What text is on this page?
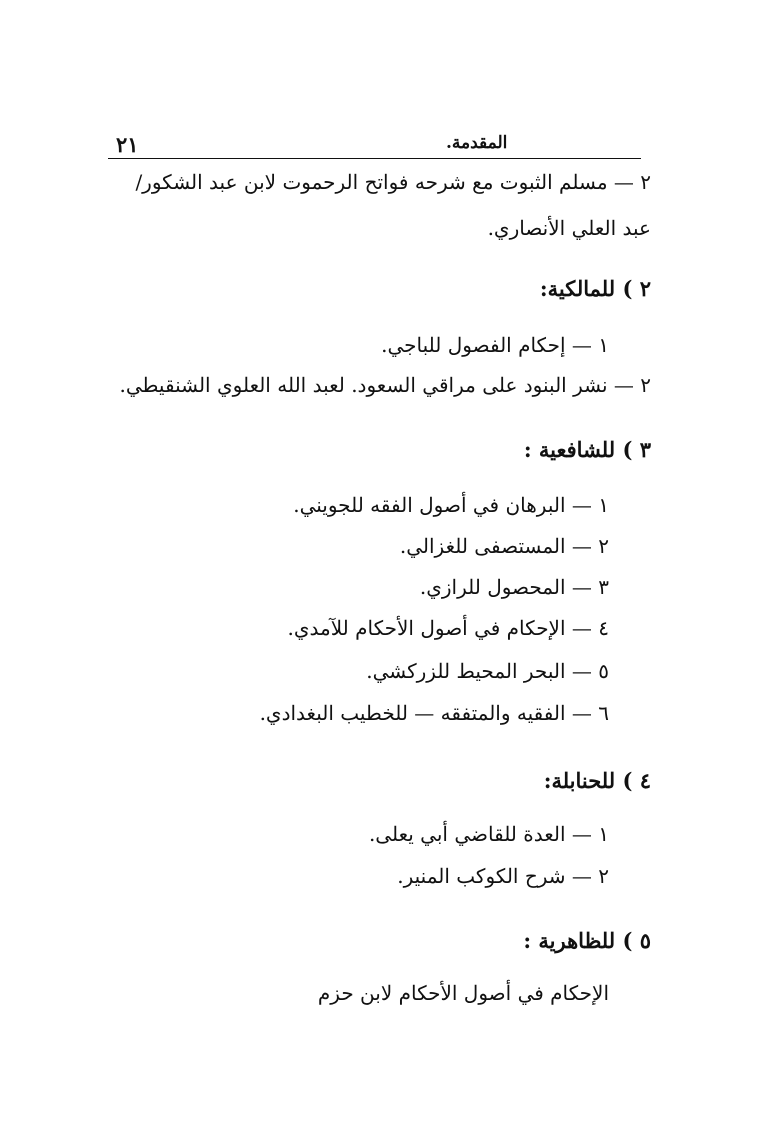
٢١	المقدمة.
٢ — مسلم الثبوت مع شرحه فواتح الرحموت لابن عبد الشكور/
عبد العلي الأنصاري.
٢ ) للمالكية:
١ — إحكام الفصول للباجي.
٢ — نشر البنود على مراقي السعود. لعبد الله العلوي الشنقيطي.
٣ ) للشافعية :
١ — البرهان في أصول الفقه للجويني.
٢ — المستصفى للغزالي.
٣ — المحصول للرازي.
٤ — الإحكام في أصول الأحكام للآمدي.
٥ — البحر المحيط للزركشي.
٦ — الفقيه والمتفقه — للخطيب البغدادي.
٤ ) للحنابلة:
١ — العدة للقاضي أبي يعلى.
٢ — شرح الكوكب المنير.
٥ ) للظاهرية :
الإحكام في أصول الأحكام لابن حزم
